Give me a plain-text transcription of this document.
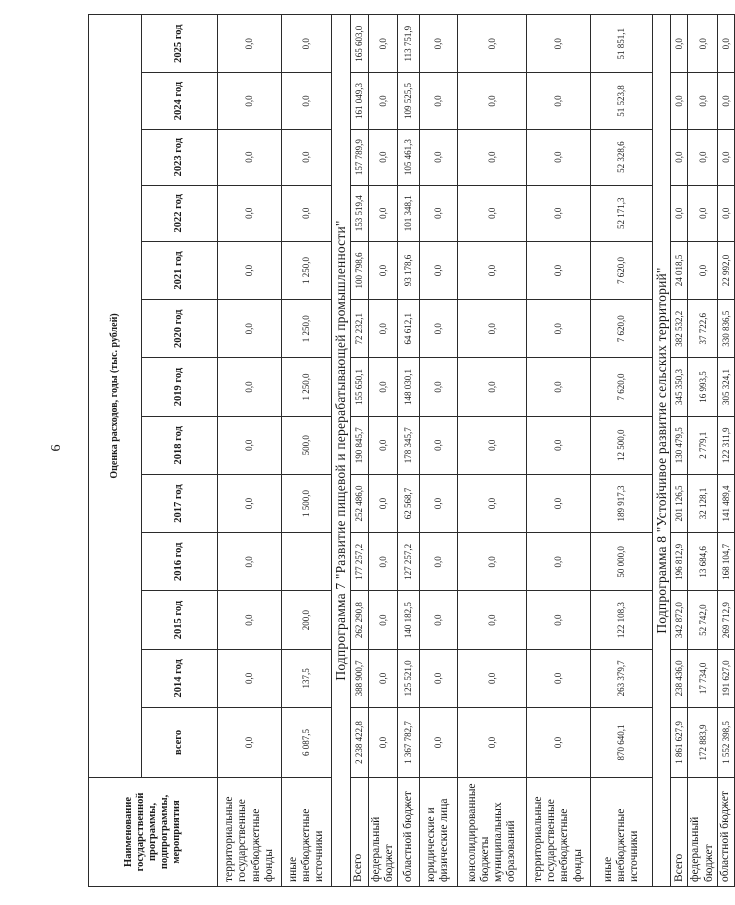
6
Наименование государственной программы, подпрограммы, мероприятия	Оценка расходов, годы (тыс. рублей)												
	всего	2014 год	2015 год	2016 год	2017 год	2018 год	2019 год	2020 год	2021 год	2022 год	2023 год	2024 год	2025 год
территориальные государственные внебюджетные фонды	0,0	0,0	0,0	0,0	0,0	0,0	0,0	0,0	0,0	0,0	0,0	0,0	0,0
иные внебюджетные источники	6 087,5	137,5	200,0		1 500,0	500,0	1 250,0	1 250,0	1 250,0	0,0	0,0	0,0	0,0
Подпрограмма 7 "Развитие пищевой и перерабатывающей промышленности"													
Всего	2 238 422,8	388 900,7	262 290,8	177 257,2	252 486,0	190 845,7	155 650,1	72 232,1	100 798,6	153 519,4	157 789,9	161 049,3	165 603,0
федеральный бюджет	0,0	0,0	0,0	0,0	0,0	0,0	0,0	0,0	0,0	0,0	0,0	0,0	0,0
областной бюджет	1 367 782,7	125 521,0	140 182,5	127 257,2	62 568,7	178 345,7	148 030,1	64 612,1	93 178,6	101 348,1	105 461,3	109 525,5	113 751,9
юридические и физические лица	0,0	0,0	0,0	0,0	0,0	0,0	0,0	0,0	0,0	0,0	0,0	0,0	0,0
консолидированные бюджеты муниципальных образований	0,0	0,0	0,0	0,0	0,0	0,0	0,0	0,0	0,0	0,0	0,0	0,0	0,0
территориальные государственные внебюджетные фонды	0,0	0,0	0,0	0,0	0,0	0,0	0,0	0,0	0,0	0,0	0,0	0,0	0,0
иные внебюджетные источники	870 640,1	263 379,7	122 108,3	50 000,0	189 917,3	12 500,0	7 620,0	7 620,0	7 620,0	52 171,3	52 328,6	51 523,8	51 851,1
Подпрограмма 8 "Устойчивое развитие сельских территорий"													
Всего	1 861 627,9	238 436,0	342 872,0	196 812,9	201 126,5	130 479,5	345 350,3	382 532,2	24 018,5	0,0	0,0	0,0	0,0
федеральный бюджет	172 883,9	17 734,0	52 742,0	13 684,6	32 128,1	2 779,1	16 993,5	37 722,6	0,0	0,0	0,0	0,0	0,0
областной бюджет	1 552 398,5	191 627,0	269 712,9	168 104,7	141 489,4	122 311,9	305 324,1	330 836,5	22 992,0	0,0	0,0	0,0	0,0
